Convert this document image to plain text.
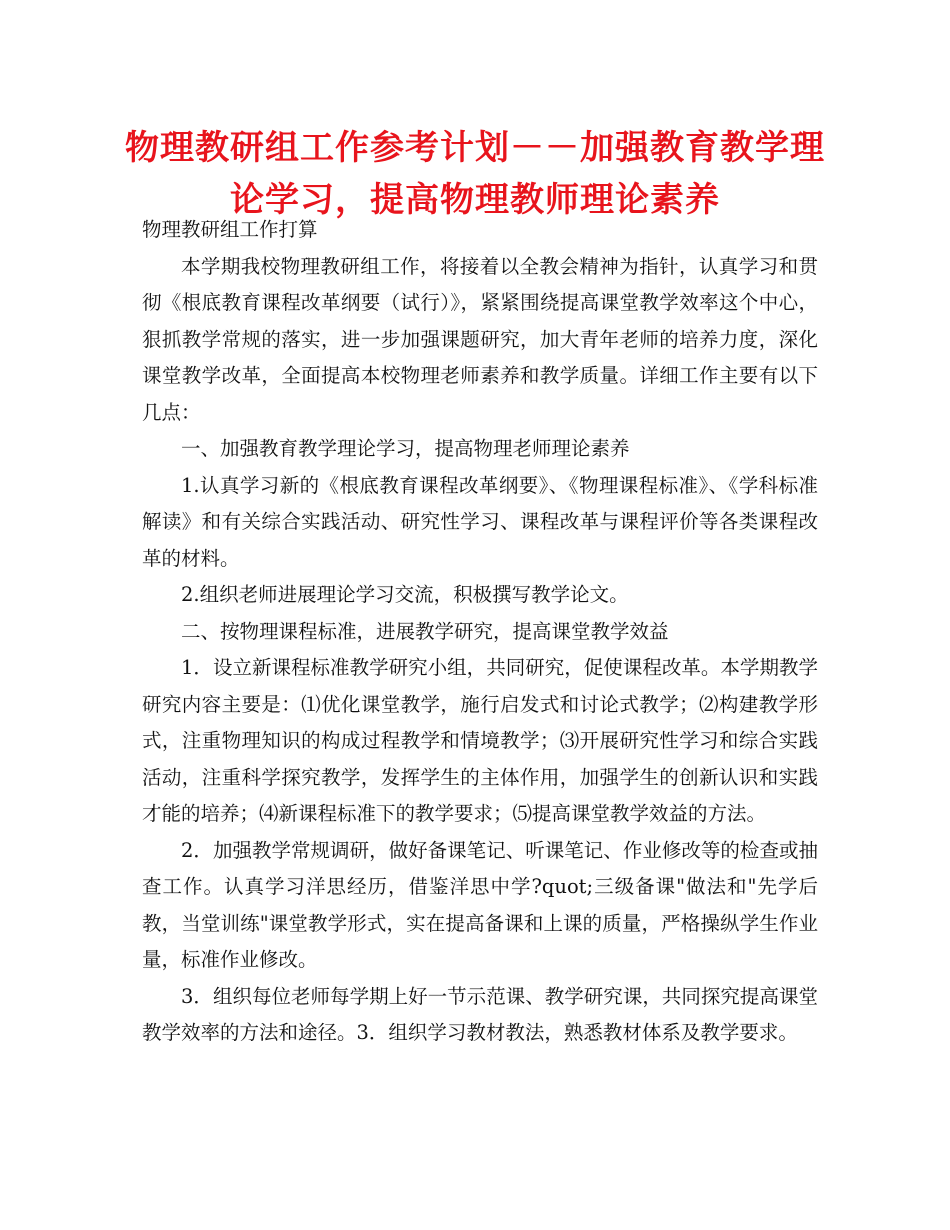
物理教研组工作参考计划－－加强教育教学理论学习，提高物理教师理论素养

物理教研组工作打算

本学期我校物理教研组工作，将接着以全教会精神为指针，认真学习和贯彻《根底教育课程改革纲要（试行）》，紧紧围绕提高课堂教学效率这个中心，狠抓教学常规的落实，进一步加强课题研究，加大青年老师的培养力度，深化课堂教学改革，全面提高本校物理老师素养和教学质量。详细工作主要有以下几点：

一、加强教育教学理论学习，提高物理老师理论素养

1.认真学习新的《根底教育课程改革纲要》、《物理课程标准》、《学科标准解读》和有关综合实践活动、研究性学习、课程改革与课程评价等各类课程改革的材料。

2.组织老师进展理论学习交流，积极撰写教学论文。

二、按物理课程标准，进展教学研究，提高课堂教学效益

1．设立新课程标准教学研究小组，共同研究，促使课程改革。本学期教学研究内容主要是：⑴优化课堂教学，施行启发式和讨论式教学；⑵构建教学形式，注重物理知识的构成过程教学和情境教学；⑶开展研究性学习和综合实践活动，注重科学探究教学，发挥学生的主体作用，加强学生的创新认识和实践才能的培养；⑷新课程标准下的教学要求；⑸提高课堂教学效益的方法。

2．加强教学常规调研，做好备课笔记、听课笔记、作业修改等的检查或抽查工作。认真学习洋思经历，借鉴洋思中学?quot;三级备课"做法和"先学后教，当堂训练"课堂教学形式，实在提高备课和上课的质量，严格操纵学生作业量，标准作业修改。

3．组织每位老师每学期上好一节示范课、教学研究课，共同探究提高课堂教学效率的方法和途径。3．组织学习教材教法，熟悉教材体系及教学要求。
